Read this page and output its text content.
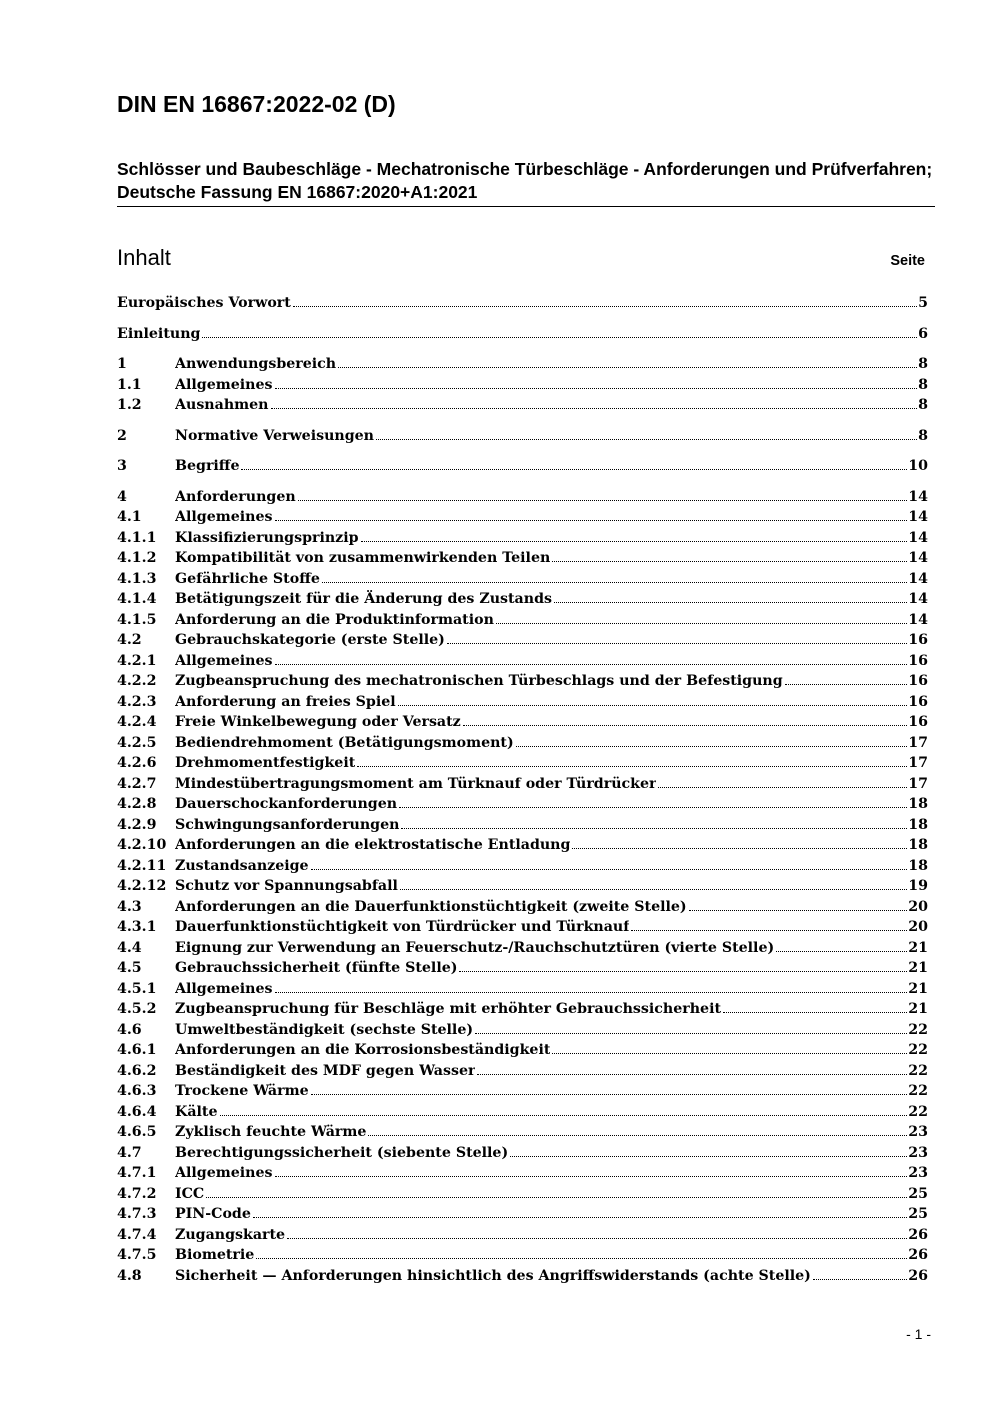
DIN EN 16867:2022-02 (D)
Schlösser und Baubeschläge - Mechatronische Türbeschläge - Anforderungen und Prüfverfahren; Deutsche Fassung EN 16867:2020+A1:2021
Inhalt	Seite
Europäisches Vorwort	5
Einleitung	6
1	Anwendungsbereich	8
1.1	Allgemeines	8
1.2	Ausnahmen	8
2	Normative Verweisungen	8
3	Begriffe	10
4	Anforderungen	14
4.1	Allgemeines	14
4.1.1	Klassifizierungsprinzip	14
4.1.2	Kompatibilität von zusammenwirkenden Teilen	14
4.1.3	Gefährliche Stoffe	14
4.1.4	Betätigungszeit für die Änderung des Zustands	14
4.1.5	Anforderung an die Produktinformation	14
4.2	Gebrauchskategorie (erste Stelle)	16
4.2.1	Allgemeines	16
4.2.2	Zugbeanspruchung des mechatronischen Türbeschlags und der Befestigung	16
4.2.3	Anforderung an freies Spiel	16
4.2.4	Freie Winkelbewegung oder Versatz	16
4.2.5	Bediendrehmoment (Betätigungsmoment)	17
4.2.6	Drehmomentfestigkeit	17
4.2.7	Mindestübertragungsmoment am Türknauf oder Türdrücker	17
4.2.8	Dauerschockanforderungen	18
4.2.9	Schwingungsanforderungen	18
4.2.10 Anforderungen an die elektrostatische Entladung	18
4.2.11 Zustandsanzeige	18
4.2.12 Schutz vor Spannungsabfall	19
4.3	Anforderungen an die Dauerfunktionstüchtigkeit (zweite Stelle)	20
4.3.1	Dauerfunktionstüchtigkeit von Türdrücker und Türknauf	20
4.4	Eignung zur Verwendung an Feuerschutz-/Rauchschutztüren (vierte Stelle)	21
4.5	Gebrauchssicherheit (fünfte Stelle)	21
4.5.1	Allgemeines	21
4.5.2	Zugbeanspruchung für Beschläge mit erhöhter Gebrauchssicherheit	21
4.6	Umweltbeständigkeit (sechste Stelle)	22
4.6.1	Anforderungen an die Korrosionsbeständigkeit	22
4.6.2	Beständigkeit des MDF gegen Wasser	22
4.6.3	Trockene Wärme	22
4.6.4	Kälte	22
4.6.5	Zyklisch feuchte Wärme	23
4.7	Berechtigungssicherheit (siebente Stelle)	23
4.7.1	Allgemeines	23
4.7.2	ICC	25
4.7.3	PIN-Code	25
4.7.4	Zugangskarte	26
4.7.5	Biometrie	26
4.8	Sicherheit — Anforderungen hinsichtlich des Angriffswiderstands (achte Stelle)	26
- 1 -
